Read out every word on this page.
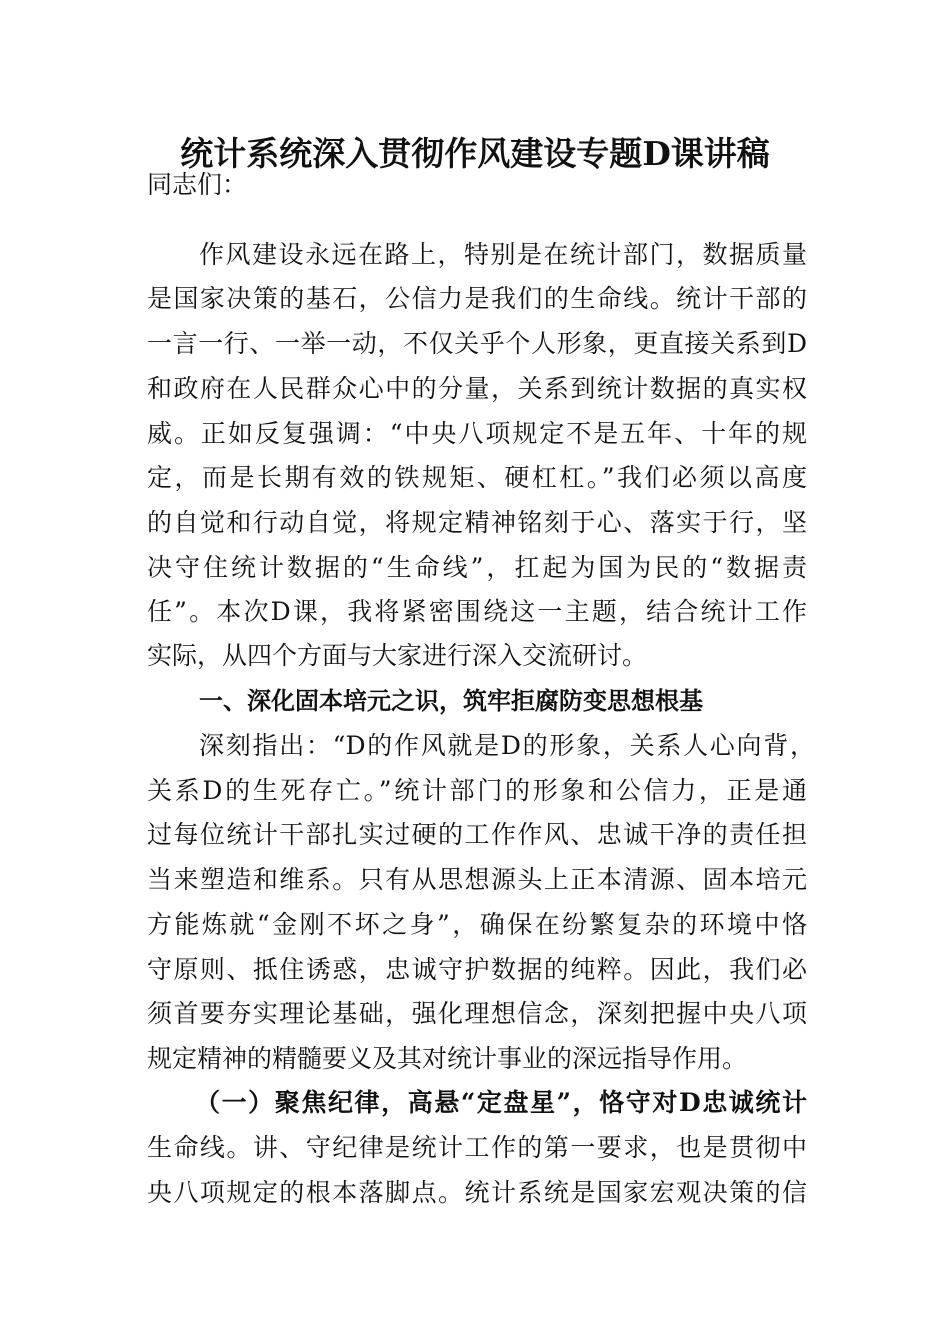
统计系统深入贯彻作风建设专题D课讲稿
同志们：
作风建设永远在路上，特别是在统计部门，数据质量
是国家决策的基石，公信力是我们的生命线。统计干部的
一言一行、一举一动，不仅关乎个人形象，更直接关系到D
和政府在人民群众心中的分量，关系到统计数据的真实权
威。正如反复强调：“中央八项规定不是五年、十年的规
定，而是长期有效的铁规矩、硬杠杠。”我们必须以高度
的自觉和行动自觉，将规定精神铭刻于心、落实于行，坚
决守住统计数据的“生命线”，扛起为国为民的“数据责
任”。本次D课，我将紧密围绕这一主题，结合统计工作
实际，从四个方面与大家进行深入交流研讨。
一、深化固本培元之识，筑牢拒腐防变思想根基
深刻指出：“D的作风就是D的形象，关系人心向背，
关系D的生死存亡。”统计部门的形象和公信力，正是通
过每位统计干部扎实过硬的工作作风、忠诚干净的责任担
当来塑造和维系。只有从思想源头上正本清源、固本培元
方能炼就“金刚不坏之身”，确保在纷繁复杂的环境中恪
守原则、抵住诱惑，忠诚守护数据的纯粹。因此，我们必
须首要夯实理论基础，强化理想信念，深刻把握中央八项
规定精神的精髓要义及其对统计事业的深远指导作用。
（一）聚焦纪律，高悬“定盘星”，恪守对D忠诚统计
生命线。讲、守纪律是统计工作的第一要求，也是贯彻中
央八项规定的根本落脚点。统计系统是国家宏观决策的信
